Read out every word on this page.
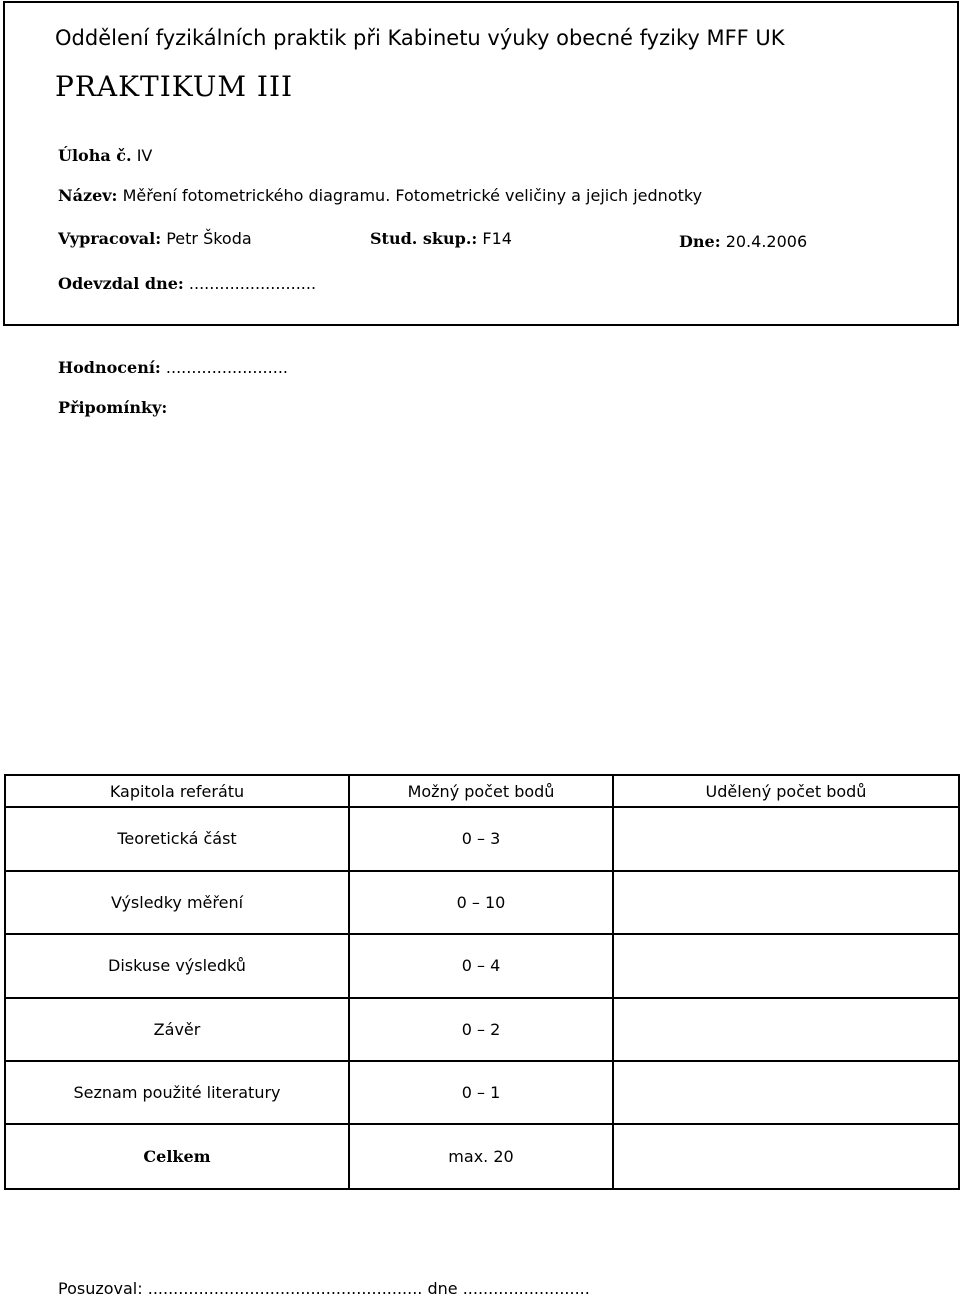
Oddělení fyzikálních praktik při Kabinetu výuky obecné fyziky MFF UK
PRAKTIKUM III
Úloha č. IV
Název: Měření fotometrického diagramu. Fotometrické veličiny a jejich jednotky
Vypracoval: Petr Škoda	Stud. skup.: F14	Dne: 20.4.2006
Odevzdal dne: .........................
Hodnocení: ........................
Připomínky:
Kapitola referátu	Možný počet bodů	Udělený počet bodů
Teoretická část	0 – 3	
Výsledky měření	0 – 10	
Diskuse výsledků	0 – 4	
Závěr	0 – 2	
Seznam použité literatury	0 – 1	
Celkem	max. 20	
Posuzoval: ...................................................... dne .........................
